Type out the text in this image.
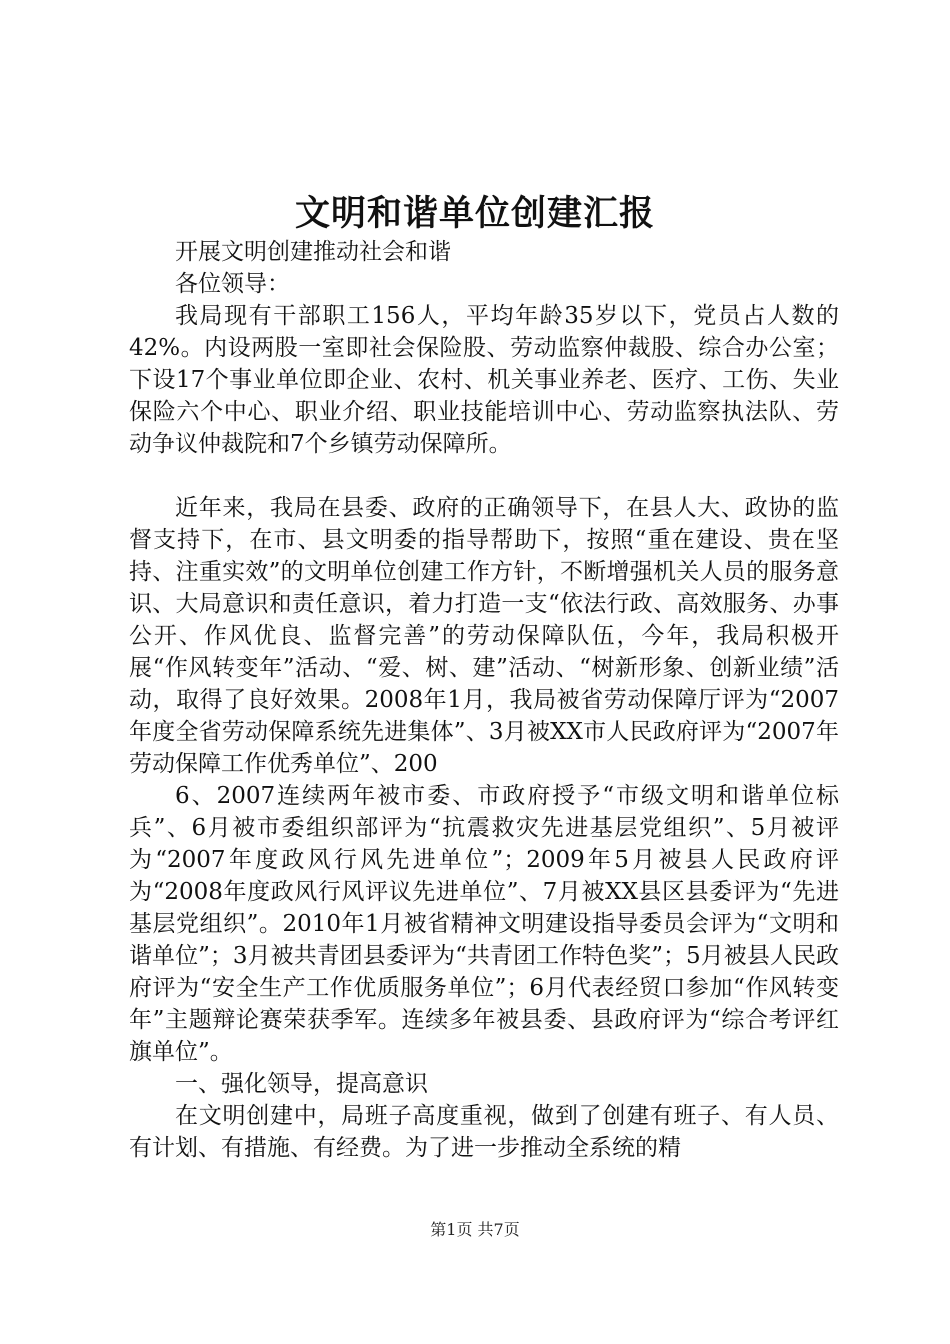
文明和谐单位创建汇报

开展文明创建推动社会和谐

各位领导：

我局现有干部职工156人，平均年龄35岁以下，党员占人数的42%。内设两股一室即社会保险股、劳动监察仲裁股、综合办公室；下设17个事业单位即企业、农村、机关事业养老、医疗、工伤、失业保险六个中心、职业介绍、职业技能培训中心、劳动监察执法队、劳动争议仲裁院和7个乡镇劳动保障所。

近年来，我局在县委、政府的正确领导下，在县人大、政协的监督支持下，在市、县文明委的指导帮助下，按照“重在建设、贵在坚持、注重实效”的文明单位创建工作方针，不断增强机关人员的服务意识、大局意识和责任意识，着力打造一支“依法行政、高效服务、办事公开、作风优良、监督完善”的劳动保障队伍，今年，我局积极开展“作风转变年”活动、“爱、树、建”活动、“树新形象、创新业绩”活动，取得了良好效果。2008年1月，我局被省劳动保障厅评为“2007年度全省劳动保障系统先进集体”、3月被XX市人民政府评为“2007年劳动保障工作优秀单位”、200

6、2007连续两年被市委、市政府授予“市级文明和谐单位标兵”、6月被市委组织部评为“抗震救灾先进基层党组织”、5月被评为“2007年度政风行风先进单位”；2009年5月被县人民政府评为“2008年度政风行风评议先进单位”、7月被XX县区县委评为“先进基层党组织”。2010年1月被省精神文明建设指导委员会评为“文明和谐单位”；3月被共青团县委评为“共青团工作特色奖”；5月被县人民政府评为“安全生产工作优质服务单位”；6月代表经贸口参加“作风转变年”主题辩论赛荣获季军。连续多年被县委、县政府评为“综合考评红旗单位”。

一、强化领导，提高意识

在文明创建中，局班子高度重视，做到了创建有班子、有人员、有计划、有措施、有经费。为了进一步推动全系统的精

第1页 共7页
